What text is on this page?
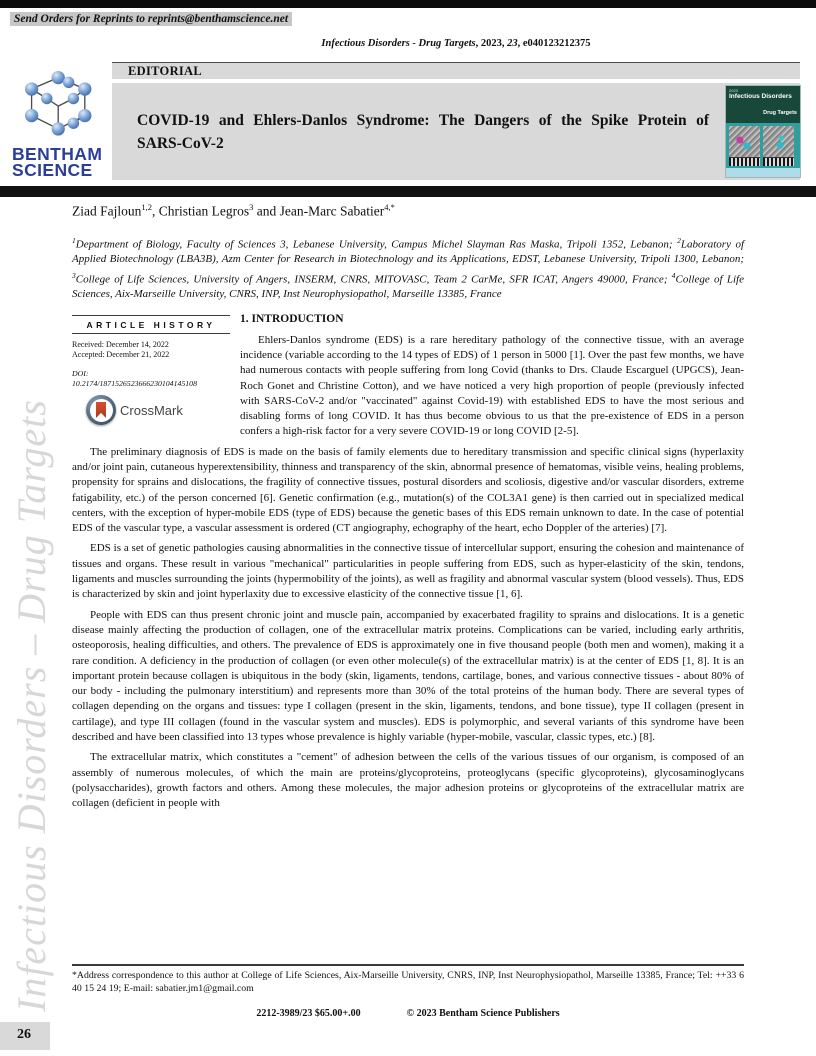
Send Orders for Reprints to reprints@benthamscience.net
Infectious Disorders - Drug Targets, 2023, 23, e040123212375
EDITORIAL
COVID-19 and Ehlers-Danlos Syndrome: The Dangers of the Spike Protein of SARS-CoV-2
2023
Infectious Disorders
Drug Targets
BENTHAM
SCIENCE
Infectious Disorders – Drug Targets
Ziad Fajloun$^{1,2}$, Christian Legros$^3$ and Jean-Marc Sabatier$^{4,*}$
$^1$Department of Biology, Faculty of Sciences 3, Lebanese University, Campus Michel Slayman Ras Maska, Tripoli 1352, Lebanon; $^2$Laboratory of Applied Biotechnology (LBA3B), Azm Center for Research in Biotechnology and its Applications, EDST, Lebanese University, Tripoli 1300, Lebanon; $^3$College of Life Sciences, University of Angers, INSERM, CNRS, MITOVASC, Team 2 CarMe, SFR ICAT, Angers 49000, France; $^4$College of Life Sciences, Aix-Marseille University, CNRS, INP, Inst Neurophysiopathol, Marseille 13385, France
ARTICLE HISTORY
Received: December 14, 2022
Accepted: December 21, 2022
DOI:
10.2174/1871526523666230104145108
CrossMark
1. INTRODUCTION

Ehlers-Danlos syndrome (EDS) is a rare hereditary pathology of the connective tissue, with an average incidence (variable according to the 14 types of EDS) of 1 person in 5000 [1]. Over the past few months, we have had numerous contacts with people suffering from long Covid (thanks to Drs. Claude Escarguel (UPGCS), Jean-Roch Gonet and Christine Cotton), and we have noticed a very high proportion of people (previously infected with SARS-CoV-2 and/or "vaccinated" against Covid-19) with established EDS to have the most serious and disabling forms of long COVID. It has thus become obvious to us that the pre-existence of EDS in a person confers a high-risk factor for a very severe COVID-19 or long COVID [2-5].

The preliminary diagnosis of EDS is made on the basis of family elements due to hereditary transmission and specific clinical signs (hyperlaxity and/or joint pain, cutaneous hyperextensibility, thinness and transparency of the skin, abnormal presence of hematomas, visible veins, healing problems, propensity for sprains and dislocations, the fragility of connective tissues, postural disorders and scoliosis, digestive and/or vascular disorders, extreme fatigability, etc.) of the person concerned [6]. Genetic confirmation (e.g., mutation(s) of the COL3A1 gene) is then carried out in specialized medical centers, with the exception of hyper-mobile EDS (type of EDS) because the genetic bases of this EDS remain unknown to date. In the case of potential EDS of the vascular type, a vascular assessment is ordered (CT angiography, echography of the heart, echo Doppler of the arteries) [7].

EDS is a set of genetic pathologies causing abnormalities in the connective tissue of intercellular support, ensuring the cohesion and maintenance of tissues and organs. These result in various "mechanical" particularities in people suffering from EDS, such as hyper-elasticity of the skin, tendons, ligaments and muscles surrounding the joints (hypermobility of the joints), as well as fragility and abnormal vascular system (blood vessels). Thus, EDS is characterized by skin and joint hyperlaxity due to excessive elasticity of the connective tissue [1, 6].

People with EDS can thus present chronic joint and muscle pain, accompanied by exacerbated fragility to sprains and dislocations. It is a genetic disease mainly affecting the production of collagen, one of the extracellular matrix proteins. Complications can be varied, including early arthritis, osteoporosis, healing difficulties, and others. The prevalence of EDS is approximately one in five thousand people (both men and women), making it a rare condition. A deficiency in the production of collagen (or even other molecule(s) of the extracellular matrix) is at the center of EDS [1, 8]. It is an important protein because collagen is ubiquitous in the body (skin, ligaments, tendons, cartilage, bones, and various connective tissues - about 80% of our body - including the pulmonary interstitium) and represents more than 30% of the total proteins of the human body. There are several types of collagen depending on the organs and tissues: type I collagen (present in the skin, ligaments, tendons, and bone tissue), type II collagen (present in cartilage), and type III collagen (found in the vascular system and muscles). EDS is polymorphic, and several variants of this syndrome have been described and have been classified into 13 types whose prevalence is highly variable (hyper-mobile, vascular, classic types, etc.) [8].

The extracellular matrix, which constitutes a "cement" of adhesion between the cells of the various tissues of our organism, is composed of an assembly of numerous molecules, of which the main are proteins/glycoproteins, proteoglycans (specific glycoproteins), glycosaminoglycans (polysaccharides), growth factors and others. Among these molecules, the major adhesion proteins or glycoproteins of the extracellular matrix are collagen (deficient in people with

*Address correspondence to this author at College of Life Sciences, Aix-Marseille University, CNRS, INP, Inst Neurophysiopathol, Marseille 13385, France; Tel: ++33 6 40 15 24 19; E-mail: sabatier.jm1@gmail.com
2212-3989/23 $65.00+.00	© 2023 Bentham Science Publishers
26
